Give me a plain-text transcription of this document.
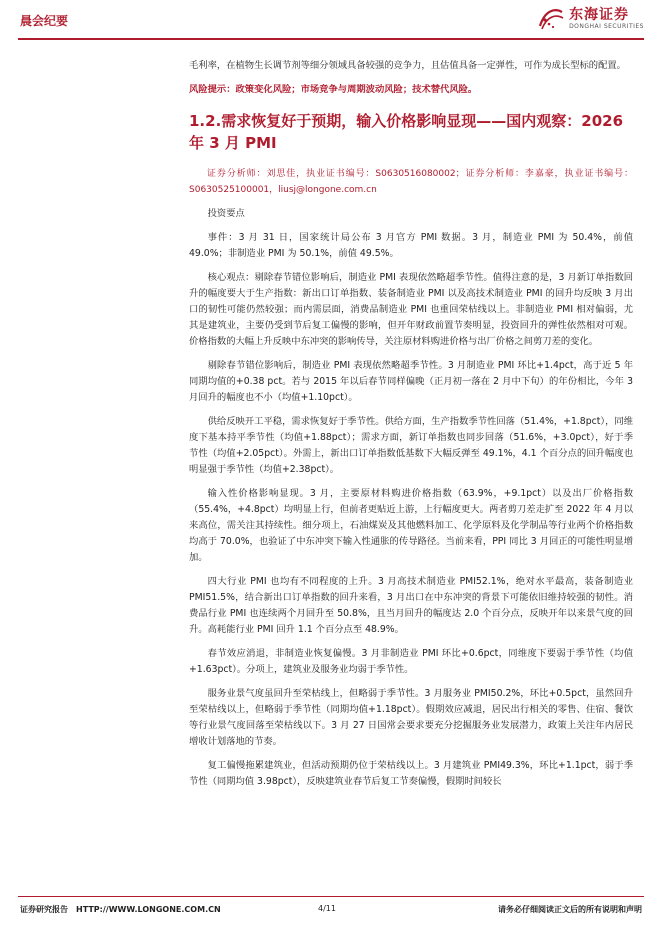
晨会纪要	东海证券
DONGHAI SECURITIES

毛利率，在植物生长调节剂等细分领域具备较强的竞争力，且估值具备一定弹性，可作为成长型标的配置。

风险提示：政策变化风险；市场竞争与周期波动风险；技术替代风险。
1.2.需求恢复好于预期，输入价格影响显现——国内观察：2026 年 3 月 PMI

证券分析师：刘思佳，执业证书编号：S0630516080002；证券分析师：李嘉豪，执业证书编号：S0630525100001，liusj@longone.com.cn

投资要点

事件：3 月 31 日，国家统计局公布 3 月官方 PMI 数据。3 月，制造业 PMI 为 50.4%，前值 49.0%；非制造业 PMI 为 50.1%，前值 49.5%。

核心观点：剔除春节错位影响后，制造业 PMI 表现依然略超季节性。值得注意的是，3 月新订单指数回升的幅度要大于生产指数：新出口订单指数、装备制造业 PMI 以及高技术制造业 PMI 的回升均反映 3 月出口的韧性可能仍然较强；而内需层面，消费品制造业 PMI 也重回荣枯线以上。非制造业 PMI 相对偏弱，尤其是建筑业，主要仍受到节后复工偏慢的影响，但开年财政前置节奏明显，投资回升的弹性依然相对可观。价格指数的大幅上升反映中东冲突的影响传导，关注原材料购进价格与出厂价格之间剪刀差的变化。

剔除春节错位影响后，制造业 PMI 表现依然略超季节性。3 月制造业 PMI 环比+1.4pct，高于近 5 年同期均值的+0.38 pct。若与 2015 年以后春节同样偏晚（正月初一落在 2 月中下旬）的年份相比，今年 3 月回升的幅度也不小（均值+1.10pct）。

供给反映开工平稳，需求恢复好于季节性。供给方面，生产指数季节性回落（51.4%，+1.8pct），同维度下基本持平季节性（均值+1.88pct）；需求方面，新订单指数也同步回落（51.6%，+3.0pct），好于季节性（均值+2.05pct）。外需上，新出口订单指数低基数下大幅反弹至 49.1%，4.1 个百分点的回升幅度也明显强于季节性（均值+2.38pct）。

输入性价格影响显现。3 月，主要原材料购进价格指数（63.9%，+9.1pct）以及出厂价格指数（55.4%，+4.8pct）均明显上行，但前者更贴近上游，上行幅度更大。两者剪刀差走扩至 2022 年 4 月以来高位，需关注其持续性。细分项上，石油煤炭及其他燃料加工、化学原料及化学制品等行业两个价格指数均高于 70.0%，也验证了中东冲突下输入性通胀的传导路径。当前来看，PPI 同比 3 月回正的可能性明显增加。

四大行业 PMI 也均有不同程度的上升。3 月高技术制造业 PMI52.1%，绝对水平最高，装备制造业 PMI51.5%，结合新出口订单指数的回升来看，3 月出口在中东冲突的背景下可能依旧维持较强的韧性。消费品行业 PMI 也连续两个月回升至 50.8%，且当月回升的幅度达 2.0 个百分点，反映开年以来景气度的回升。高耗能行业 PMI 回升 1.1 个百分点至 48.9%。

春节效应消退，非制造业恢复偏慢。3 月非制造业 PMI 环比+0.6pct，同维度下要弱于季节性（均值+1.63pct）。分项上，建筑业及服务业均弱于季节性。

服务业景气度虽回升至荣枯线上，但略弱于季节性。3 月服务业 PMI50.2%，环比+0.5pct，虽然回升至荣枯线以上，但略弱于季节性（同期均值+1.18pct）。假期效应减退，居民出行相关的零售、住宿、餐饮等行业景气度回落至荣枯线以下。3 月 27 日国常会要求要充分挖掘服务业发展潜力，政策上关注年内居民增收计划落地的节奏。

复工偏慢拖累建筑业，但活动预期仍位于荣枯线以上。3 月建筑业 PMI49.3%，环比+1.1pct，弱于季节性（同期均值 3.98pct），反映建筑业春节后复工节奏偏慢，假期时间较长

证券研究报告 HTTP://WWW.LONGONE.COM.CN	4/11	请务必仔细阅读正文后的所有说明和声明
